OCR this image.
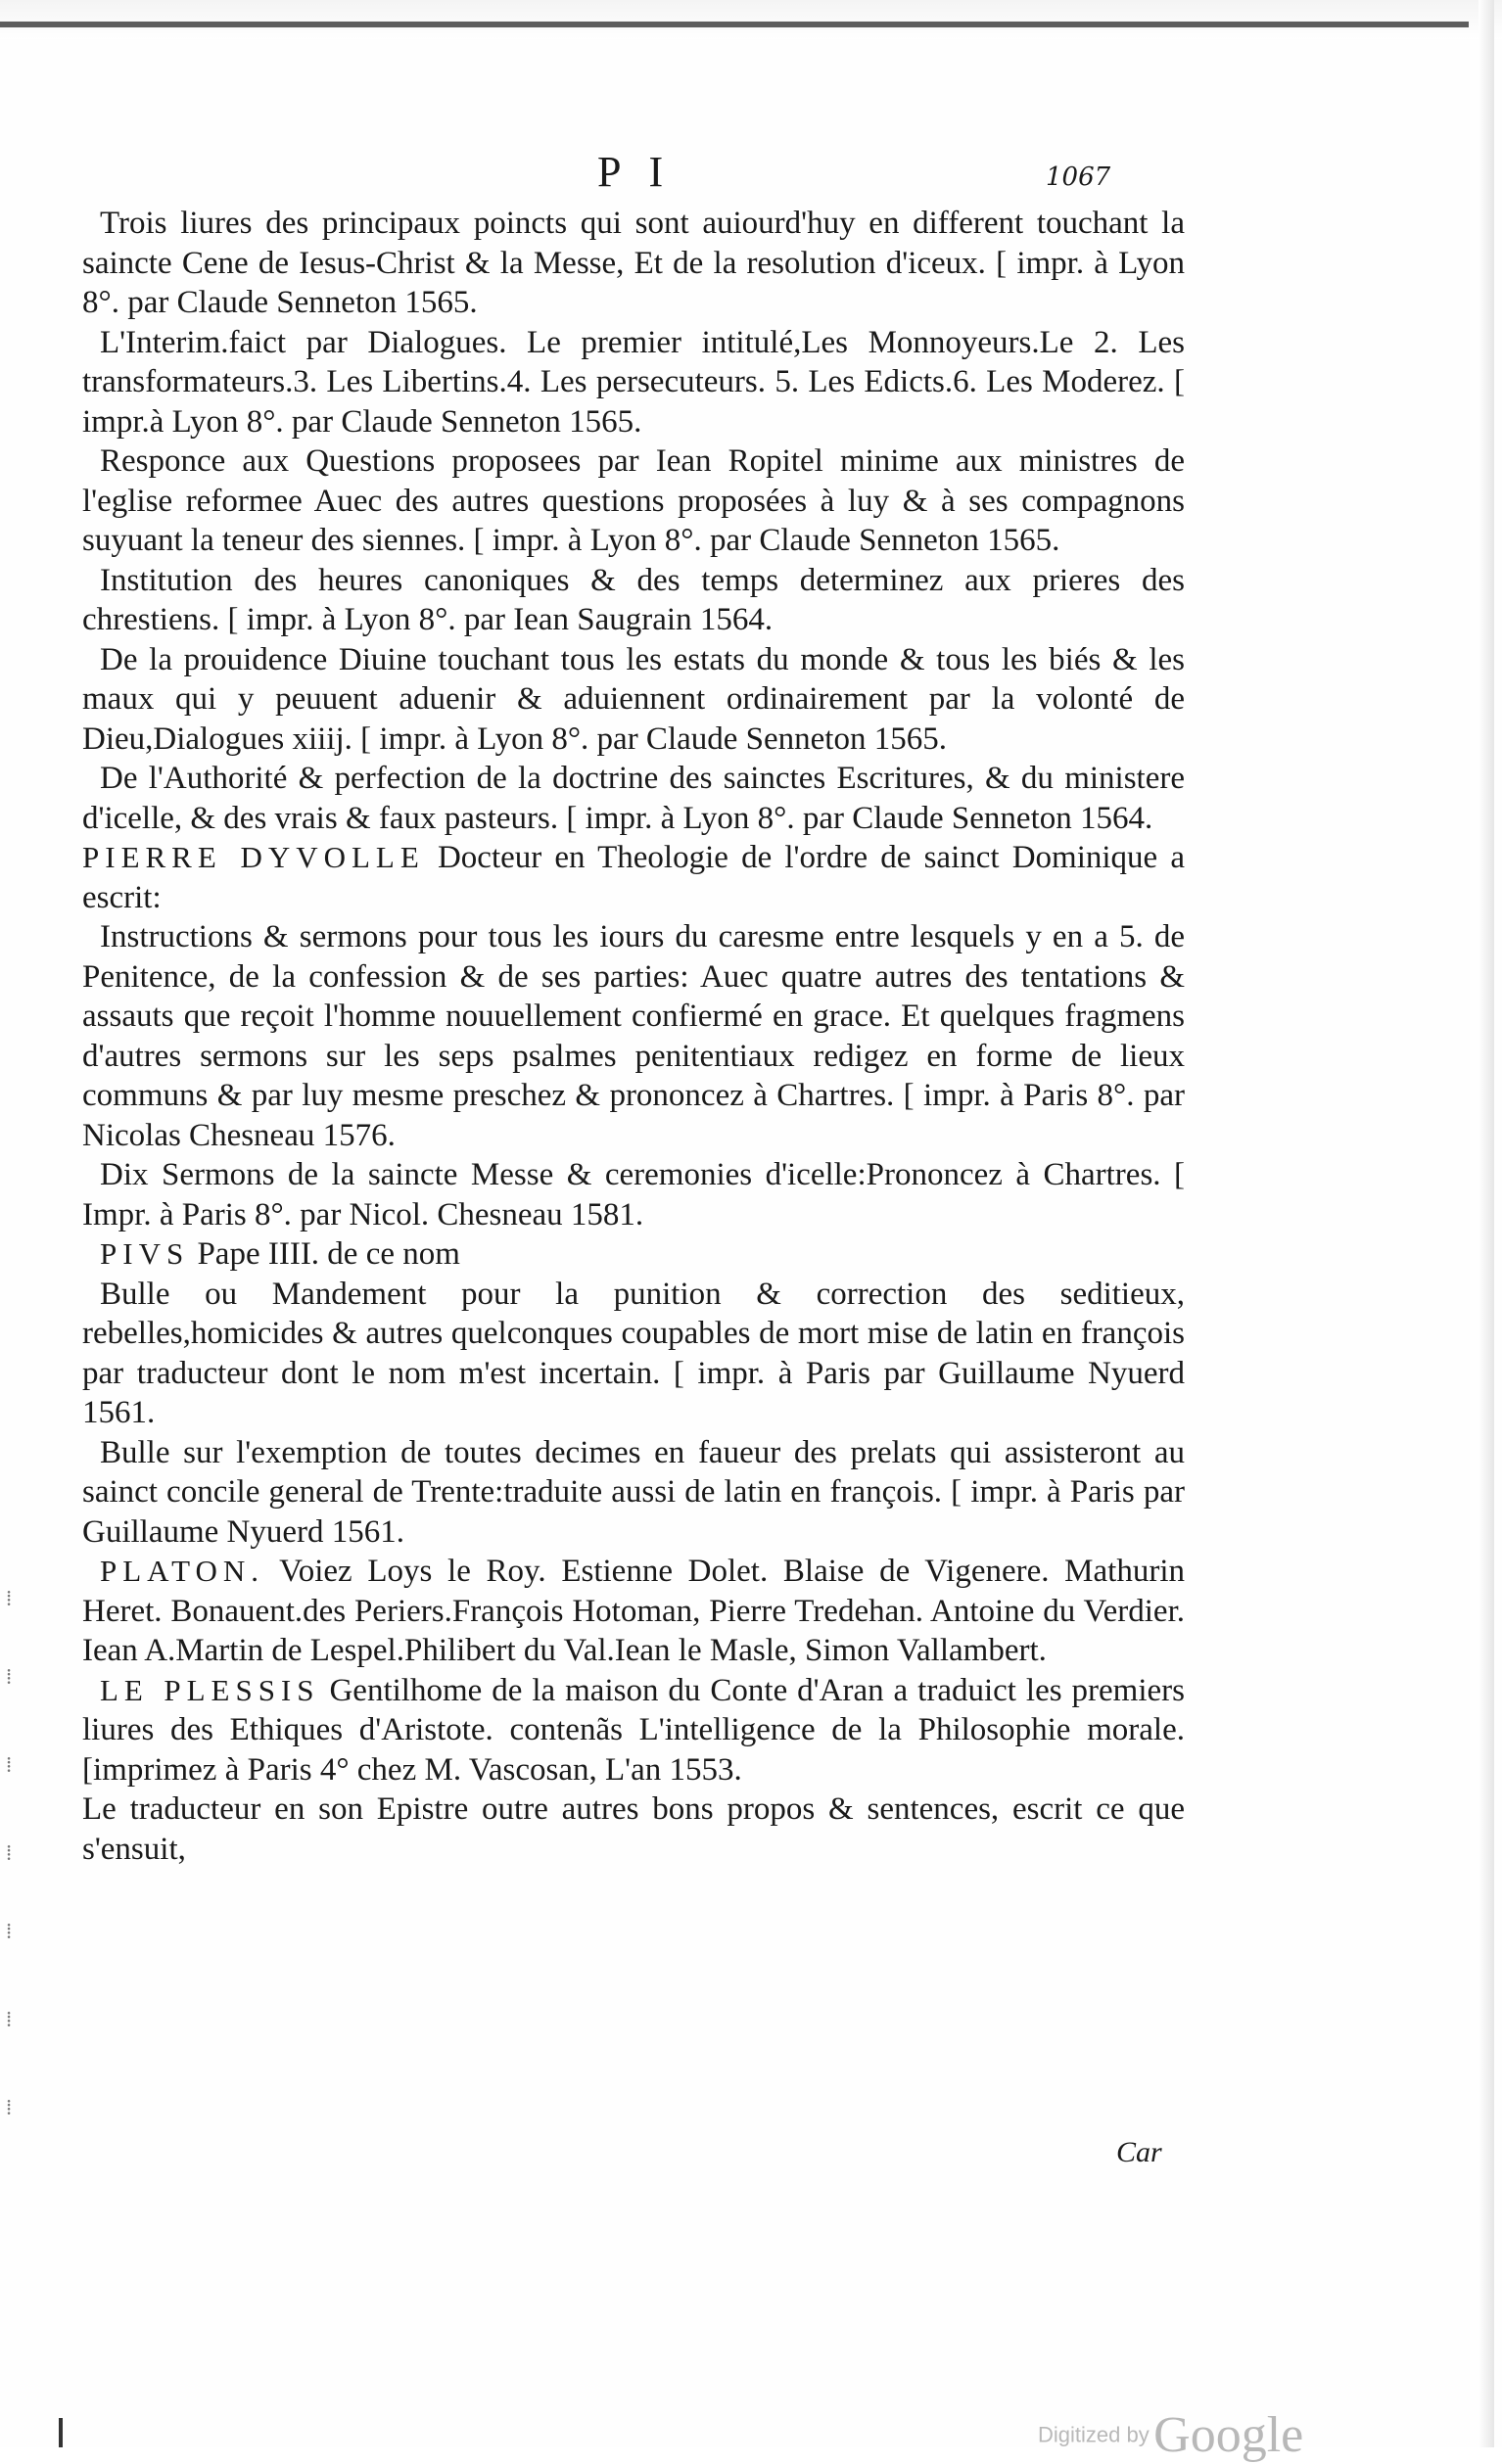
PI	1067

Trois liures des principaux poincts qui sont auiourd'huy en different touchant la saincte Cene de Iesus-Christ & la Messe, Et de la resolution d'iceux. [ impr. à Lyon 8°. par Claude Senneton 1565.

L'Interim.faict par Dialogues. Le premier intitulé,Les Monnoyeurs.Le 2. Les transformateurs.3. Les Libertins.4. Les persecuteurs. 5. Les Edicts.6. Les Moderez. [ impr.à Lyon 8°. par Claude Senneton 1565.

Responce aux Questions proposees par Iean Ropitel minime aux ministres de l'eglise reformee Auec des autres questions proposées à luy & à ses compagnons suyuant la teneur des siennes. [ impr. à Lyon 8°. par Claude Senneton 1565.

Institution des heures canoniques & des temps determinez aux prieres des chrestiens. [ impr. à Lyon 8°. par Iean Saugrain 1564.

De la prouidence Diuine touchant tous les estats du monde & tous les biés & les maux qui y peuuent aduenir & aduiennent ordinairement par la volonté de Dieu,Dialogues xiiij. [ impr. à Lyon 8°. par Claude Senneton 1565.

De l'Authorité & perfection de la doctrine des sainctes Escritures, & du ministere d'icelle, & des vrais & faux pasteurs. [ impr. à Lyon 8°. par Claude Senneton 1564.

PIERRE DYVOLLE Docteur en Theologie de l'ordre de sainct Dominique a escrit:

Instructions & sermons pour tous les iours du caresme entre lesquels y en a 5. de Penitence, de la confession & de ses parties: Auec quatre autres des tentations & assauts que reçoit l'homme nouuellement confiermé en grace. Et quelques fragmens d'autres sermons sur les seps psalmes penitentiaux redigez en forme de lieux communs & par luy mesme preschez & prononcez à Chartres. [ impr. à Paris 8°. par Nicolas Chesneau 1576.

Dix Sermons de la saincte Messe & ceremonies d'icelle:Prononcez à Chartres. [ Impr. à Paris 8°. par Nicol. Chesneau 1581.

PIVS Pape IIII. de ce nom

Bulle ou Mandement pour la punition & correction des seditieux, rebelles,homicides & autres quelconques coupables de mort mise de latin en françois par traducteur dont le nom m'est incertain. [ impr. à Paris par Guillaume Nyuerd 1561.

Bulle sur l'exemption de toutes decimes en faueur des prelats qui assisteront au sainct concile general de Trente:traduite aussi de latin en françois. [ impr. à Paris par Guillaume Nyuerd 1561.

PLATON. Voiez Loys le Roy. Estienne Dolet. Blaise de Vigenere. Mathurin Heret. Bonauent.des Periers.François Hotoman, Pierre Tredehan. Antoine du Verdier. Iean A.Martin de Lespel.Philibert du Val.Iean le Masle, Simon Vallambert.

LE PLESSIS Gentilhome de la maison du Conte d'Aran a traduict les premiers liures des Ethiques d'Aristote. contenãs L'intelligence de la Philosophie morale. [imprimez à Paris 4° chez M. Vascosan, L'an 1553.

Le traducteur en son Epistre outre autres bons propos & sentences, escrit ce que s'ensuit,

Car
⁞
⁞
⁞
⁞
⁞
⁞
⁞
Digitized by Google
